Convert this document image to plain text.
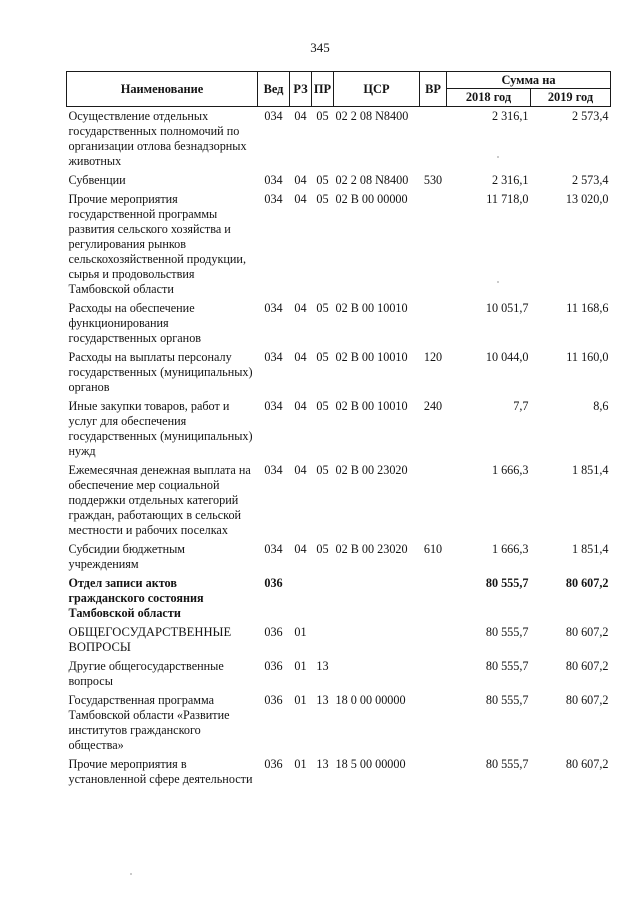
345
Наименование	Вед	РЗ	ПР	ЦСР	ВР	Сумма на	
						2018 год	2019 год
Осуществление отдельных государственных полномочий по организации отлова безнадзорных животных	034	04	05	02 2 08 N8400		2 316,1	2 573,4
Субвенции	034	04	05	02 2 08 N8400	530	2 316,1	2 573,4
Прочие мероприятия государственной программы развития сельского хозяйства и регулирования рынков сельскохозяйственной продукции, сырья и продовольствия Тамбовской области	034	04	05	02 В 00 00000		11 718,0	13 020,0
Расходы на обеспечение функционирования государственных органов	034	04	05	02 В 00 10010		10 051,7	11 168,6
Расходы на выплаты персоналу государственных (муниципальных) органов	034	04	05	02 В 00 10010	120	10 044,0	11 160,0
Иные закупки товаров, работ и услуг для обеспечения государственных (муниципальных) нужд	034	04	05	02 В 00 10010	240	7,7	8,6
Ежемесячная денежная выплата на обеспечение мер социальной поддержки отдельных категорий граждан, работающих в сельской местности и рабочих поселках	034	04	05	02 В 00 23020		1 666,3	1 851,4
Субсидии бюджетным учреждениям	034	04	05	02 В 00 23020	610	1 666,3	1 851,4
Отдел записи актов гражданского состояния Тамбовской области	036					80 555,7	80 607,2
ОБЩЕГОСУДАРСТВЕННЫЕ ВОПРОСЫ	036	01				80 555,7	80 607,2
Другие общегосударственные вопросы	036	01	13			80 555,7	80 607,2
Государственная программа Тамбовской области «Развитие институтов гражданского общества»	036	01	13	18 0 00 00000		80 555,7	80 607,2
Прочие мероприятия в установленной сфере деятельности	036	01	13	18 5 00 00000		80 555,7	80 607,2
